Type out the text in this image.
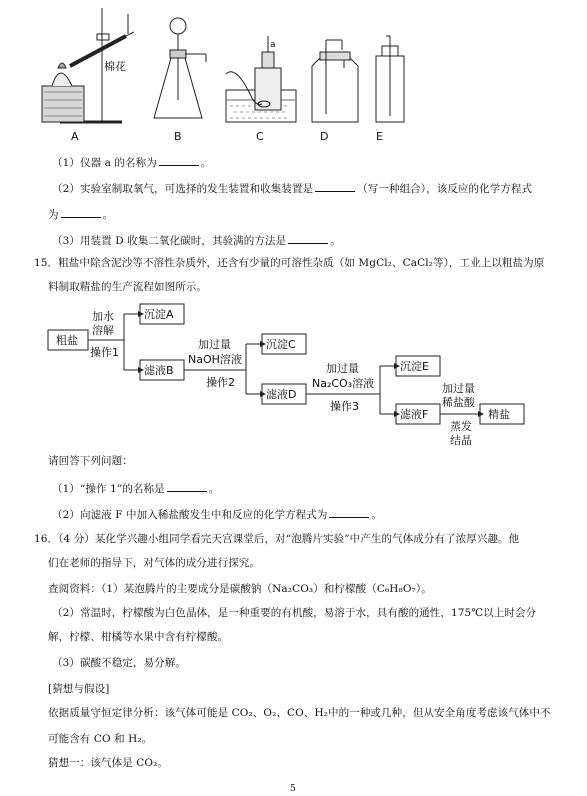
棉花
a
A	B	C	D	E
（1）仪器 a 的名称为	。
（2）实验室制取氧气，可选择的发生装置和收集装置是	（写一种组合），该反应的化学方程式
为	。
（3）用装置 D 收集二氧化碳时，其验满的方法是	。
15．粗盐中除含泥沙等不溶性杂质外，还含有少量的可溶性杂质（如 MgCl₂、CaCl₂等），工业上以粗盐为原
料制取精盐的生产流程如图所示。
粗盐
加水
溶解
操作1
沉淀A
滤液B
加过量
NaOH溶液
操作2
沉淀C
滤液D
加过量
Na₂CO₃溶液
操作3
沉淀E
滤液F
加过量
稀盐酸
蒸发
结晶
精盐
请回答下列问题：
（1）“操作 1”的名称是	。
（2）向滤液 F 中加入稀盐酸发生中和反应的化学方程式为	。
16．（4 分）某化学兴趣小组同学看完天宫课堂后，对“泡腾片实验”中产生的气体成分有了浓厚兴趣。他
们在老师的指导下，对气体的成分进行探究。
查阅资料：（1）某泡腾片的主要成分是碳酸钠（Na₂CO₃）和柠檬酸（C₆H₈O₇）。
（2）常温时，柠檬酸为白色晶体，是一种重要的有机酸，易溶于水，具有酸的通性，175℃以上时会分
解，柠檬、柑橘等水果中含有柠檬酸。
（3）碳酸不稳定，易分解。
[猜想与假设]
依据质量守恒定律分析：该气体可能是 CO₂、O₂、CO、H₂中的一种或几种，但从安全角度考虑该气体中不
可能含有 CO 和 H₂。
猜想一：该气体是 CO₂。
5
